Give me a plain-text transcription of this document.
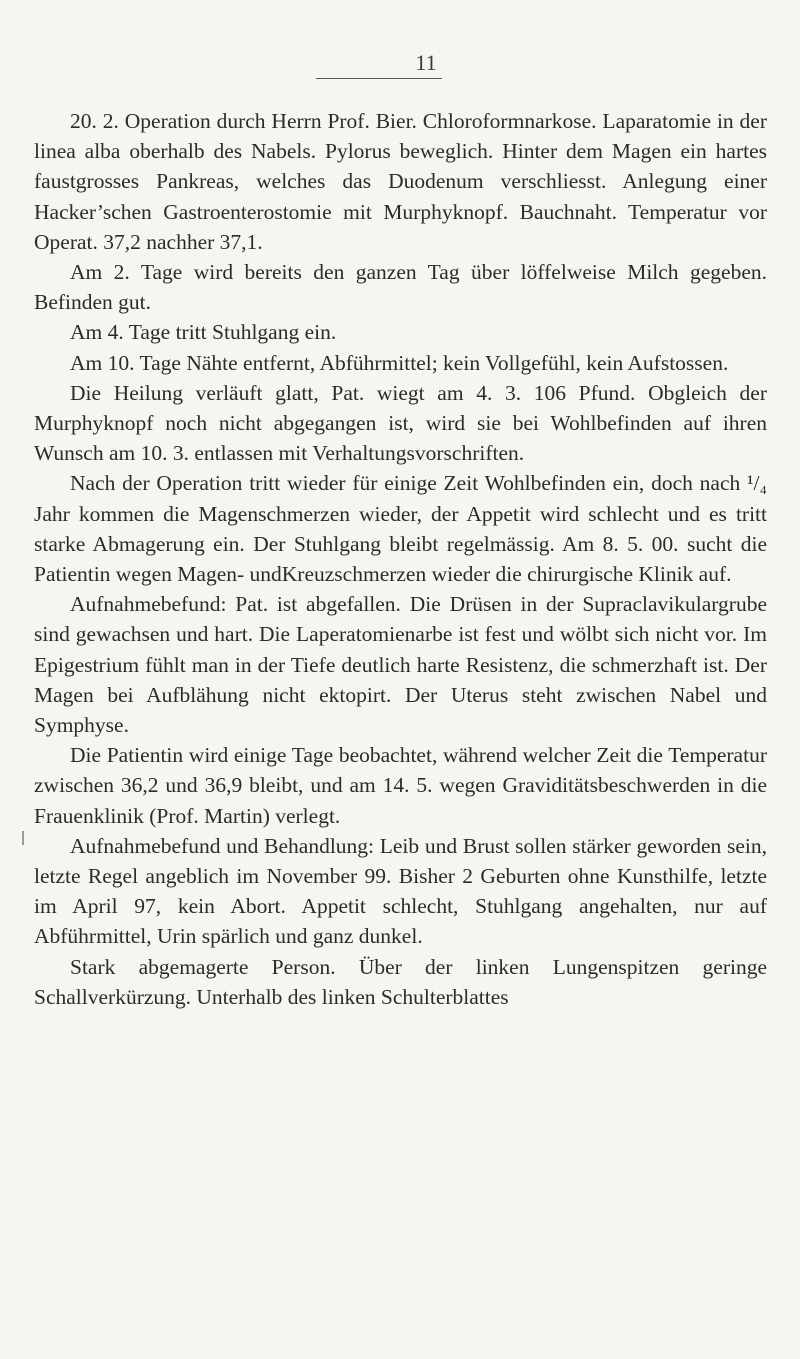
11

20. 2. Operation durch Herrn Prof. Bier. Chloroformnarkose. Laparatomie in der linea alba oberhalb des Nabels. Pylorus beweglich. Hinter dem Magen ein hartes faustgrosses Pankreas, welches das Duodenum verschliesst. Anlegung einer Hacker’schen Gastroenterostomie mit Murphyknopf. Bauchnaht. Temperatur vor Operat. 37,2 nachher 37,1.

Am 2. Tage wird bereits den ganzen Tag über löffelweise Milch gegeben. Befinden gut.

Am 4. Tage tritt Stuhlgang ein.

Am 10. Tage Nähte entfernt, Abführmittel; kein Vollgefühl, kein Aufstossen.

Die Heilung verläuft glatt, Pat. wiegt am 4. 3. 106 Pfund. Obgleich der Murphyknopf noch nicht abgegangen ist, wird sie bei Wohlbefinden auf ihren Wunsch am 10. 3. entlassen mit Verhaltungsvorschriften.

Nach der Operation tritt wieder für einige Zeit Wohlbefinden ein, doch nach ¹/₄ Jahr kommen die Magenschmerzen wieder, der Appetit wird schlecht und es tritt starke Abmagerung ein. Der Stuhlgang bleibt regelmässig. Am 8. 5. 00. sucht die Patientin wegen Magen- undKreuzschmerzen wieder die chirurgische Klinik auf.

Aufnahmebefund: Pat. ist abgefallen. Die Drüsen in der Supraclavikulargrube sind gewachsen und hart. Die Laperatomienarbe ist fest und wölbt sich nicht vor. Im Epigestrium fühlt man in der Tiefe deutlich harte Resistenz, die schmerzhaft ist. Der Magen bei Aufblähung nicht ektopirt. Der Uterus steht zwischen Nabel und Symphyse.

Die Patientin wird einige Tage beobachtet, während welcher Zeit die Temperatur zwischen 36,2 und 36,9 bleibt, und am 14. 5. wegen Graviditätsbeschwerden in die Frauenklinik (Prof. Martin) verlegt.

Aufnahmebefund und Behandlung: Leib und Brust sollen stärker geworden sein, letzte Regel angeblich im November 99. Bisher 2 Geburten ohne Kunsthilfe, letzte im April 97, kein Abort. Appetit schlecht, Stuhlgang angehalten, nur auf Abführmittel, Urin spärlich und ganz dunkel.

Stark abgemagerte Person. Über der linken Lungenspitzen geringe Schallverkürzung. Unterhalb des linken Schulterblattes
